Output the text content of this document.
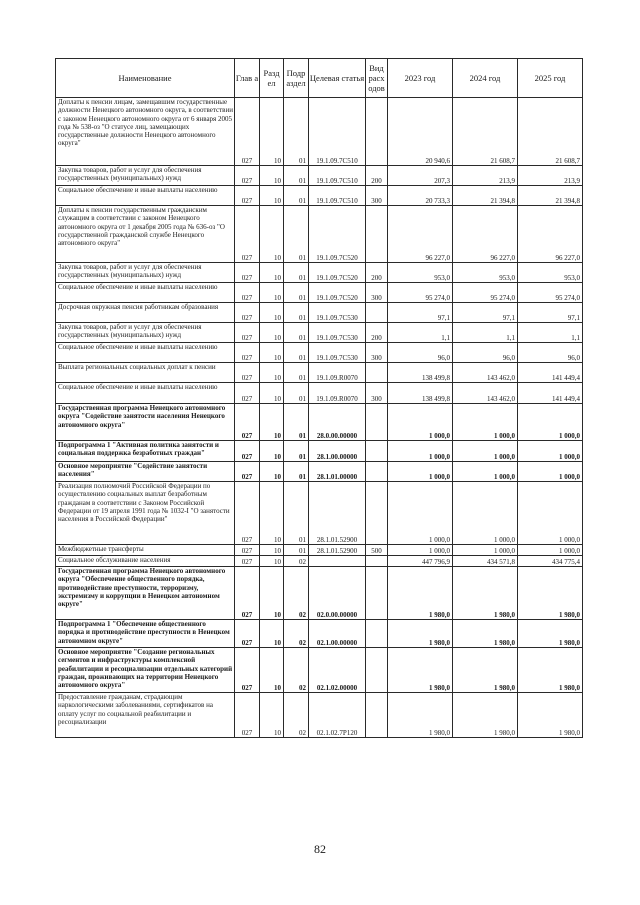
Наименование	Глав а	Разд ел	Подр аздел	Целевая статья	Вид расх одов	2023 год	2024 год	2025 год
Доплаты к пенсии лицам, замещавшим государственные должности Ненецкого автономного округа, в соответствии с законом Ненецкого автономного округа от 6 января 2005 года № 538-оз "О статусе лиц, замещающих государственные должности Ненецкого автономного округа"	027	10	01	19.1.09.7С510		20 940,6	21 608,7	21 608,7
Закупка товаров, работ и услуг для обеспечения государственных (муниципальных) нужд	027	10	01	19.1.09.7С510	200	207,3	213,9	213,9
Социальное обеспечение и иные выплаты населению	027	10	01	19.1.09.7С510	300	20 733,3	21 394,8	21 394,8
Доплаты к пенсии государственным гражданским служащим в соответствии с законом Ненецкого автономного округа от 1 декабря 2005 года № 636-оз "О государственной гражданской службе Ненецкого автономного округа"	027	10	01	19.1.09.7С520		96 227,0	96 227,0	96 227,0
Закупка товаров, работ и услуг для обеспечения государственных (муниципальных) нужд	027	10	01	19.1.09.7С520	200	953,0	953,0	953,0
Социальное обеспечение и иные выплаты населению	027	10	01	19.1.09.7С520	300	95 274,0	95 274,0	95 274,0
Досрочная окружная пенсия работникам образования	027	10	01	19.1.09.7С530		97,1	97,1	97,1
Закупка товаров, работ и услуг для обеспечения государственных (муниципальных) нужд	027	10	01	19.1.09.7С530	200	1,1	1,1	1,1
Социальное обеспечение и иные выплаты населению	027	10	01	19.1.09.7С530	300	96,0	96,0	96,0
Выплата региональных социальных доплат к пенсии	027	10	01	19.1.09.R0070		138 499,8	143 462,0	141 449,4
Социальное обеспечение и иные выплаты населению	027	10	01	19.1.09.R0070	300	138 499,8	143 462,0	141 449,4
Государственная программа Ненецкого автономного округа "Содействие занятости населения Ненецкого автономного округа"	027	10	01	28.0.00.00000		1 000,0	1 000,0	1 000,0
Подпрограмма 1 "Активная политика занятости и социальная поддержка безработных граждан"	027	10	01	28.1.00.00000		1 000,0	1 000,0	1 000,0
Основное мероприятие "Содействие занятости населения"	027	10	01	28.1.01.00000		1 000,0	1 000,0	1 000,0
Реализация полномочий Российской Федерации по осуществлению социальных выплат безработным гражданам в соответствии с Законом Российской Федерации от 19 апреля 1991 года № 1032-I "О занятости населения в Российской Федерации"	027	10	01	28.1.01.52900		1 000,0	1 000,0	1 000,0
Межбюджетные трансферты	027	10	01	28.1.01.52900	500	1 000,0	1 000,0	1 000,0
Социальное обслуживание населения	027	10	02			447 796,9	434 571,8	434 775,4
Государственная программа Ненецкого автономного округа "Обеспечение общественного порядка, противодействие преступности, терроризму, экстремизму и коррупции в Ненецком автономном округе"	027	10	02	02.0.00.00000		1 980,0	1 980,0	1 980,0
Подпрограмма 1 "Обеспечение общественного порядка и противодействие преступности в Ненецком автономном округе"	027	10	02	02.1.00.00000		1 980,0	1 980,0	1 980,0
Основное мероприятие "Создание региональных сегментов и инфраструктуры комплексной реабилитации и ресоциализации отдельных категорий граждан, проживающих на территории Ненецкого автономного округа"	027	10	02	02.1.02.00000		1 980,0	1 980,0	1 980,0
Предоставление гражданам, страдающим наркологическими заболеваниями, сертификатов на оплату услуг по социальной реабилитации и ресоциализации	027	10	02	02.1.02.7Р120		1 980,0	1 980,0	1 980,0
82
